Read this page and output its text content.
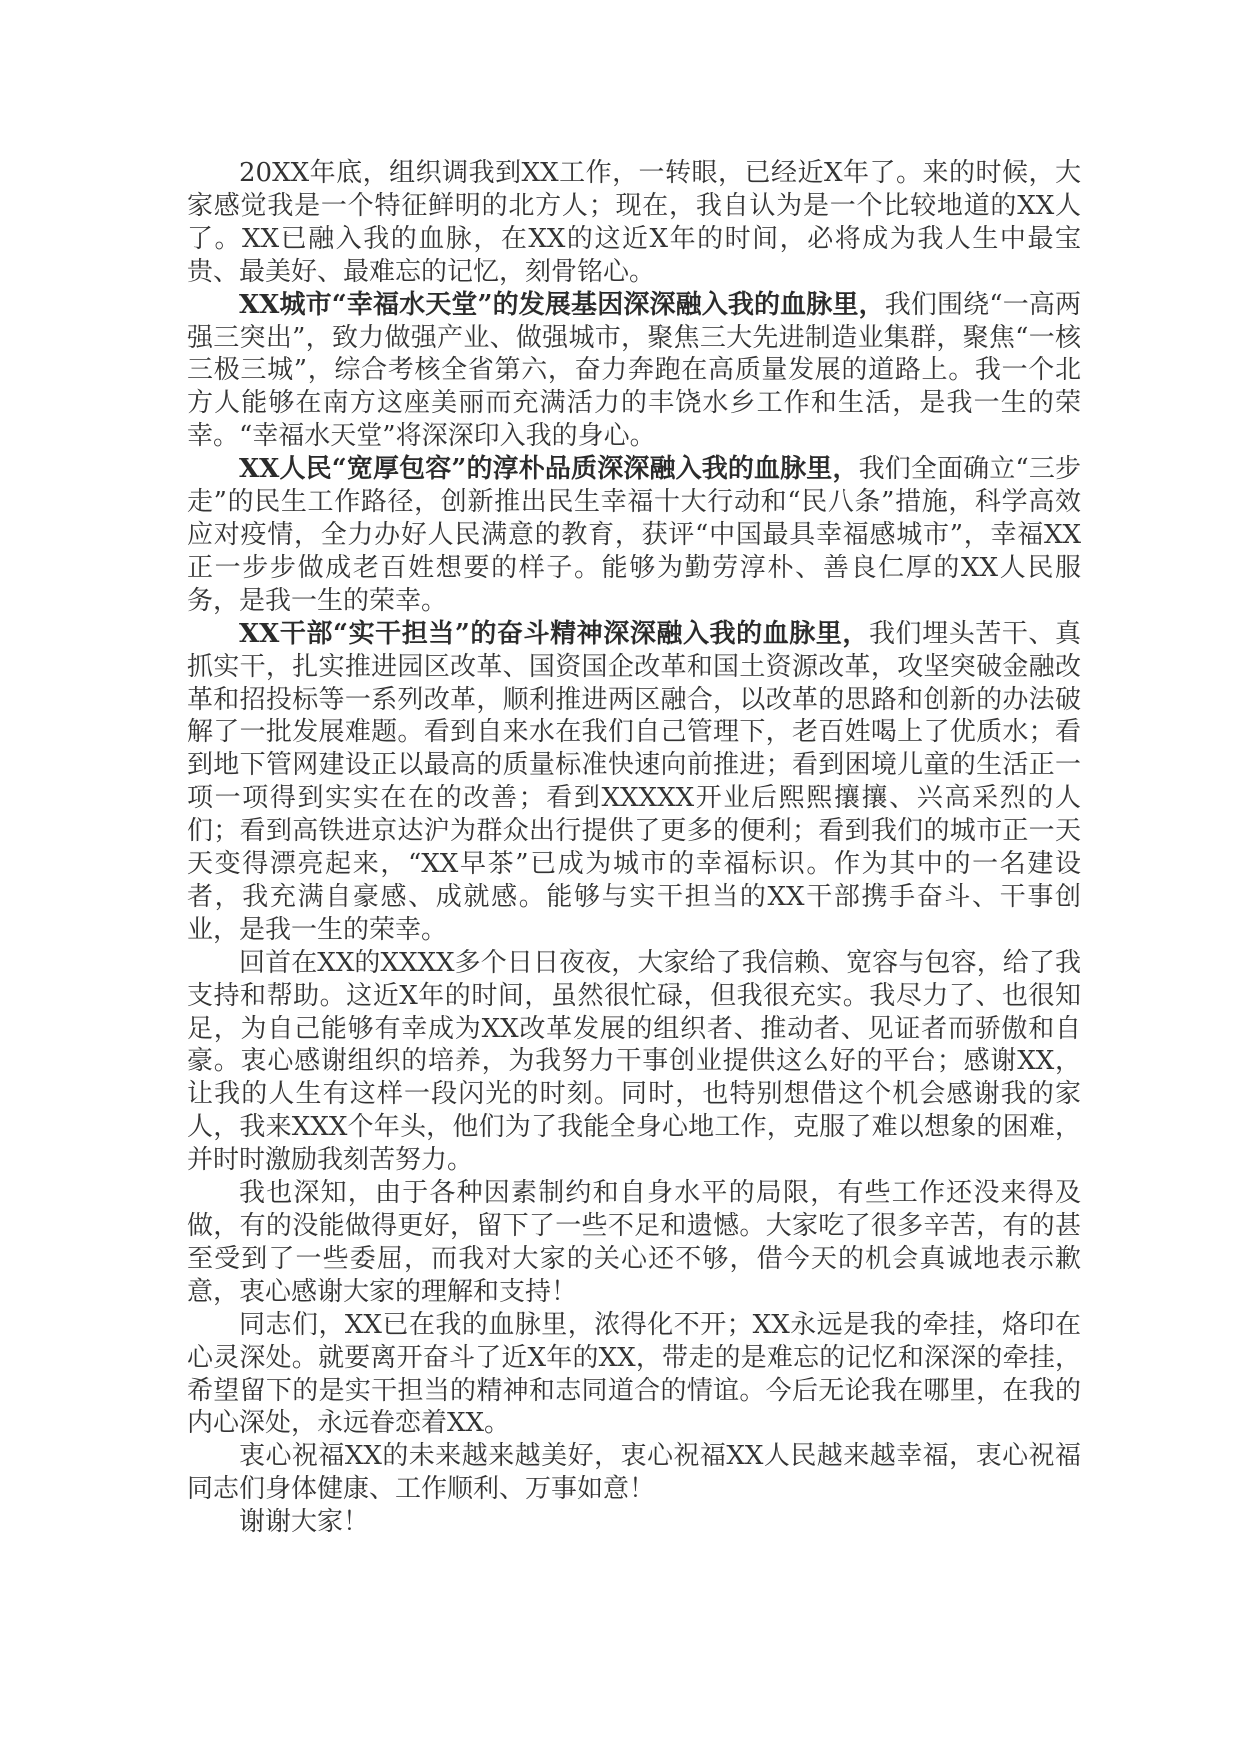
20XX年底，组织调我到XX工作，一转眼，已经近X年了。来的时候，大家感觉我是一个特征鲜明的北方人；现在，我自认为是一个比较地道的XX人了。XX已融入我的血脉，在XX的这近X年的时间，必将成为我人生中最宝贵、最美好、最难忘的记忆，刻骨铭心。

XX城市“幸福水天堂”的发展基因深深融入我的血脉里，我们围绕“一高两强三突出”，致力做强产业、做强城市，聚焦三大先进制造业集群，聚焦“一核三极三城”，综合考核全省第六，奋力奔跑在高质量发展的道路上。我一个北方人能够在南方这座美丽而充满活力的丰饶水乡工作和生活，是我一生的荣幸。“幸福水天堂”将深深印入我的身心。

XX人民“宽厚包容”的淳朴品质深深融入我的血脉里，我们全面确立“三步走”的民生工作路径，创新推出民生幸福十大行动和“民八条”措施，科学高效应对疫情，全力办好人民满意的教育，获评“中国最具幸福感城市”，幸福XX正一步步做成老百姓想要的样子。能够为勤劳淳朴、善良仁厚的XX人民服务，是我一生的荣幸。

XX干部“实干担当”的奋斗精神深深融入我的血脉里，我们埋头苦干、真抓实干，扎实推进园区改革、国资国企改革和国土资源改革，攻坚突破金融改革和招投标等一系列改革，顺利推进两区融合，以改革的思路和创新的办法破解了一批发展难题。看到自来水在我们自己管理下，老百姓喝上了优质水；看到地下管网建设正以最高的质量标准快速向前推进；看到困境儿童的生活正一项一项得到实实在在的改善；看到XXXXX开业后熙熙攘攘、兴高采烈的人们；看到高铁进京达沪为群众出行提供了更多的便利；看到我们的城市正一天天变得漂亮起来，“XX早茶”已成为城市的幸福标识。作为其中的一名建设者，我充满自豪感、成就感。能够与实干担当的XX干部携手奋斗、干事创业，是我一生的荣幸。

回首在XX的XXXX多个日日夜夜，大家给了我信赖、宽容与包容，给了我支持和帮助。这近X年的时间，虽然很忙碌，但我很充实。我尽力了、也很知足，为自己能够有幸成为XX改革发展的组织者、推动者、见证者而骄傲和自豪。衷心感谢组织的培养，为我努力干事创业提供这么好的平台；感谢XX，让我的人生有这样一段闪光的时刻。同时，也特别想借这个机会感谢我的家人，我来XXX个年头，他们为了我能全身心地工作，克服了难以想象的困难，并时时激励我刻苦努力。

我也深知，由于各种因素制约和自身水平的局限，有些工作还没来得及做，有的没能做得更好，留下了一些不足和遗憾。大家吃了很多辛苦，有的甚至受到了一些委屈，而我对大家的关心还不够，借今天的机会真诚地表示歉意，衷心感谢大家的理解和支持！

同志们，XX已在我的血脉里，浓得化不开；XX永远是我的牵挂，烙印在心灵深处。就要离开奋斗了近X年的XX，带走的是难忘的记忆和深深的牵挂，希望留下的是实干担当的精神和志同道合的情谊。今后无论我在哪里，在我的内心深处，永远眷恋着XX。

衷心祝福XX的未来越来越美好，衷心祝福XX人民越来越幸福，衷心祝福同志们身体健康、工作顺利、万事如意！

谢谢大家！
